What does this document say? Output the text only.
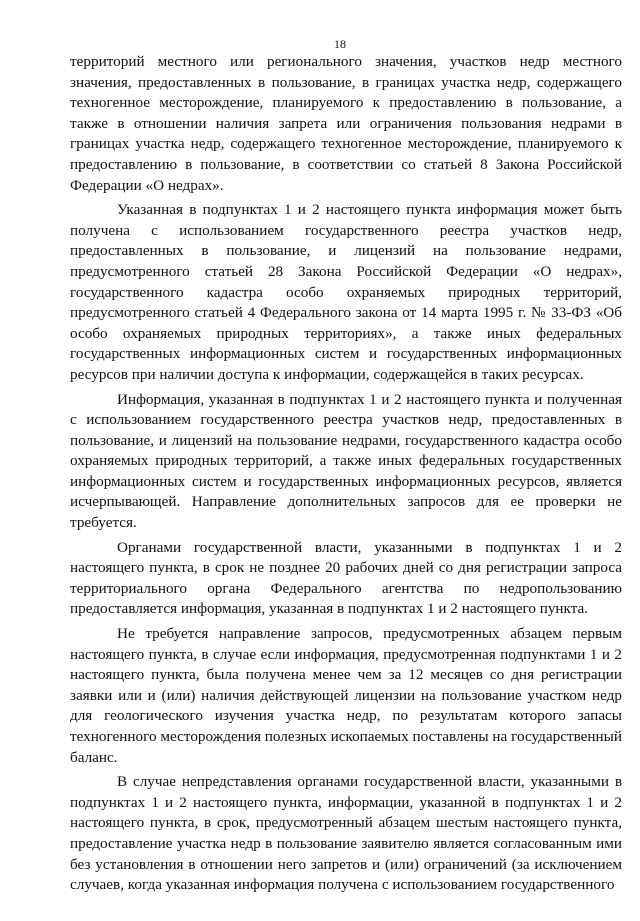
18

территорий местного или регионального значения, участков недр местного значения, предоставленных в пользование, в границах участка недр, содержащего техногенное месторождение, планируемого к предоставлению в пользование, а также в отношении наличия запрета или ограничения пользования недрами в границах участка недр, содержащего техногенное месторождение, планируемого к предоставлению в пользование, в соответствии со статьей 8 Закона Российской Федерации «О недрах».

Указанная в подпунктах 1 и 2 настоящего пункта информация может быть получена с использованием государственного реестра участков недр, предоставленных в пользование, и лицензий на пользование недрами, предусмотренного статьей 28 Закона Российской Федерации «О недрах», государственного кадастра особо охраняемых природных территорий, предусмотренного статьей 4 Федерального закона от 14 марта 1995 г. № 33-ФЗ «Об особо охраняемых природных территориях», а также иных федеральных государственных информационных систем и государственных информационных ресурсов при наличии доступа к информации, содержащейся в таких ресурсах.

Информация, указанная в подпунктах 1 и 2 настоящего пункта и полученная с использованием государственного реестра участков недр, предоставленных в пользование, и лицензий на пользование недрами, государственного кадастра особо охраняемых природных территорий, а также иных федеральных государственных информационных систем и государственных информационных ресурсов, является исчерпывающей. Направление дополнительных запросов для ее проверки не требуется.

Органами государственной власти, указанными в подпунктах 1 и 2 настоящего пункта, в срок не позднее 20 рабочих дней со дня регистрации запроса территориального органа Федерального агентства по недропользованию предоставляется информация, указанная в подпунктах 1 и 2 настоящего пункта.

Не требуется направление запросов, предусмотренных абзацем первым настоящего пункта, в случае если информация, предусмотренная подпунктами 1 и 2 настоящего пункта, была получена менее чем за 12 месяцев со дня регистрации заявки или и (или) наличия действующей лицензии на пользование участком недр для геологического изучения участка недр, по результатам которого запасы техногенного месторождения полезных ископаемых поставлены на государственный баланс.

В случае непредставления органами государственной власти, указанными в подпунктах 1 и 2 настоящего пункта, информации, указанной в подпунктах 1 и 2 настоящего пункта, в срок, предусмотренный абзацем шестым настоящего пункта, предоставление участка недр в пользование заявителю является согласованным ими без установления в отношении него запретов и (или) ограничений (за исключением случаев, когда указанная информация получена с использованием государственного
